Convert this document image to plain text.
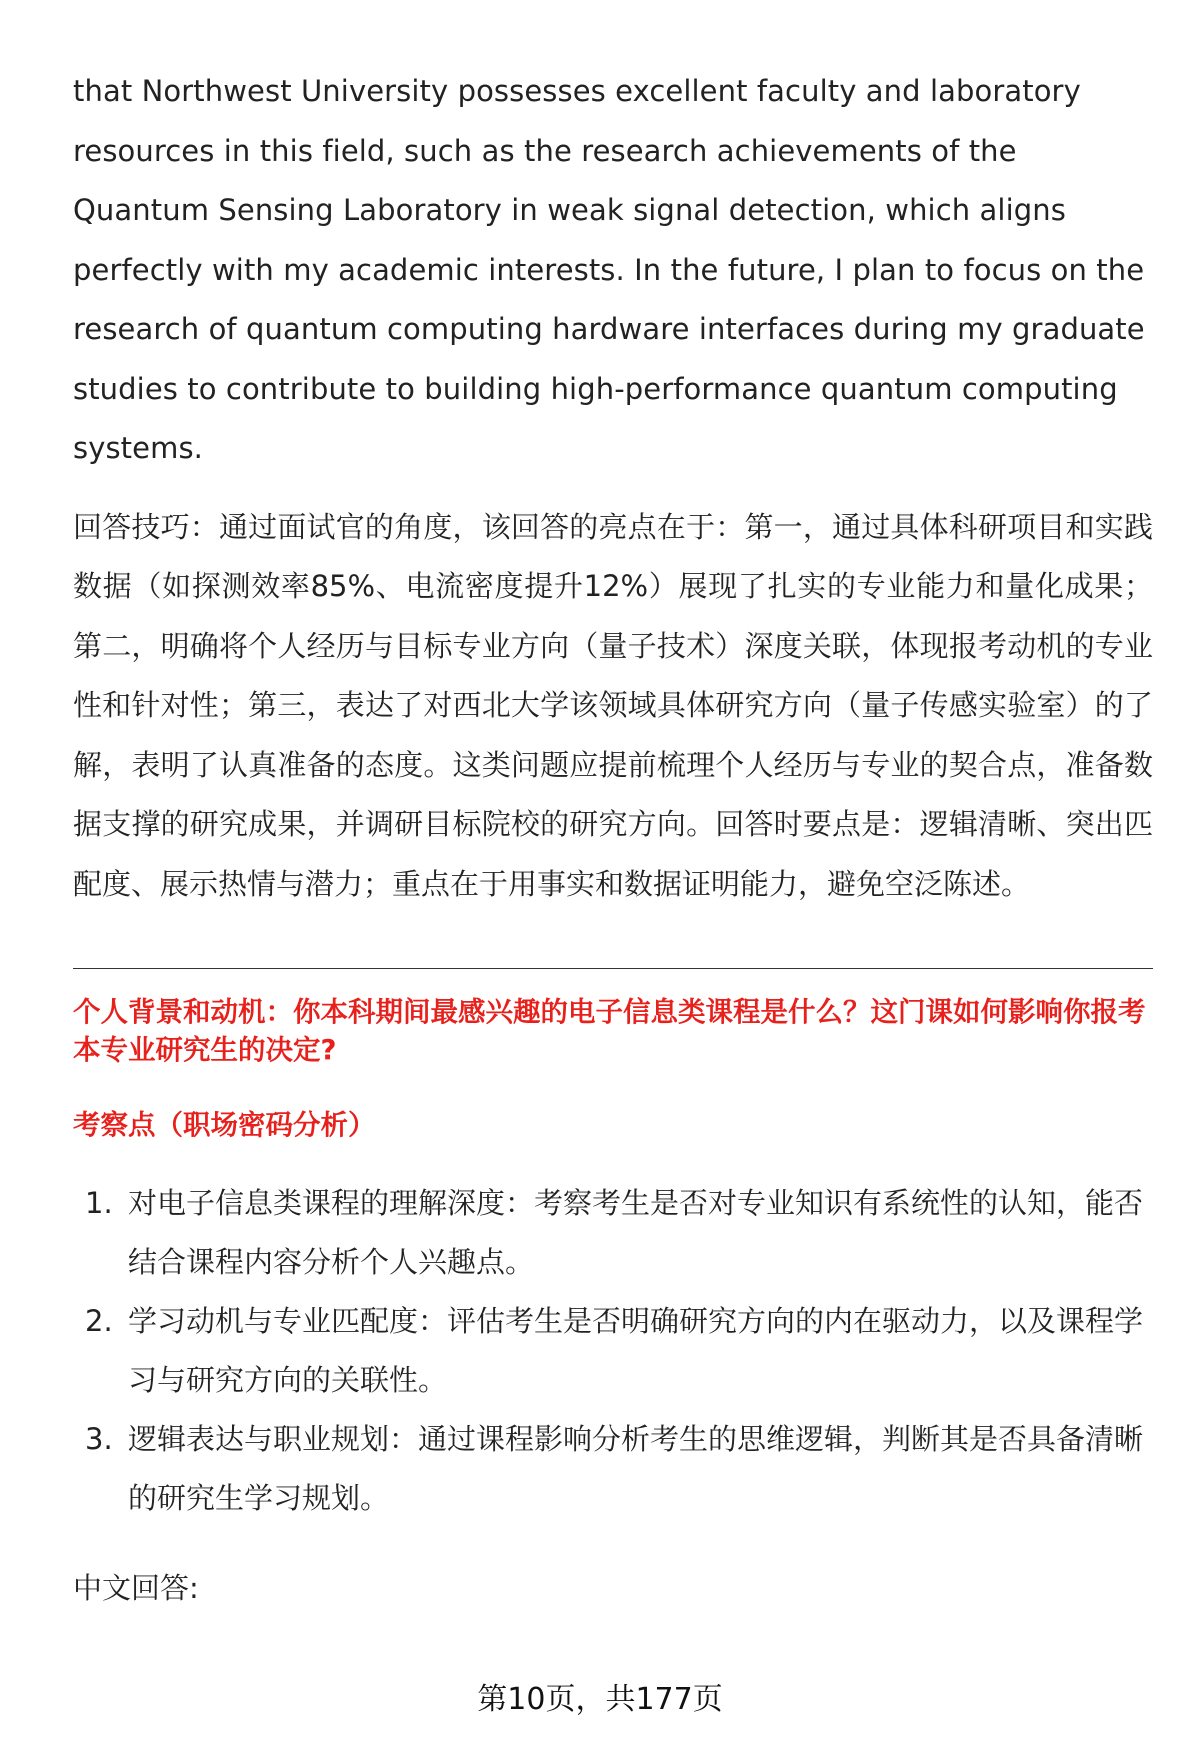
that Northwest University possesses excellent faculty and laboratory resources in this field, such as the research achievements of the Quantum Sensing Laboratory in weak signal detection, which aligns perfectly with my academic interests. In the future, I plan to focus on the research of quantum computing hardware interfaces during my graduate studies to contribute to building high-performance quantum computing systems.

回答技巧：通过面试官的角度，该回答的亮点在于：第一，通过具体科研项目和实践数据（如探测效率85%、电流密度提升12%）展现了扎实的专业能力和量化成果；第二，明确将个人经历与目标专业方向（量子技术）深度关联，体现报考动机的专业性和针对性；第三，表达了对西北大学该领域具体研究方向（量子传感实验室）的了解，表明了认真准备的态度。这类问题应提前梳理个人经历与专业的契合点，准备数据支撑的研究成果，并调研目标院校的研究方向。回答时要点是：逻辑清晰、突出匹配度、展示热情与潜力；重点在于用事实和数据证明能力，避免空泛陈述。

个人背景和动机：你本科期间最感兴趣的电子信息类课程是什么？这门课如何影响你报考本专业研究生的决定?

考察点（职场密码分析）

1. 对电子信息类课程的理解深度：考察考生是否对专业知识有系统性的认知，能否结合课程内容分析个人兴趣点。
2. 学习动机与专业匹配度：评估考生是否明确研究方向的内在驱动力，以及课程学习与研究方向的关联性。
3. 逻辑表达与职业规划：通过课程影响分析考生的思维逻辑，判断其是否具备清晰的研究生学习规划。

中文回答:

第10页，共177页
